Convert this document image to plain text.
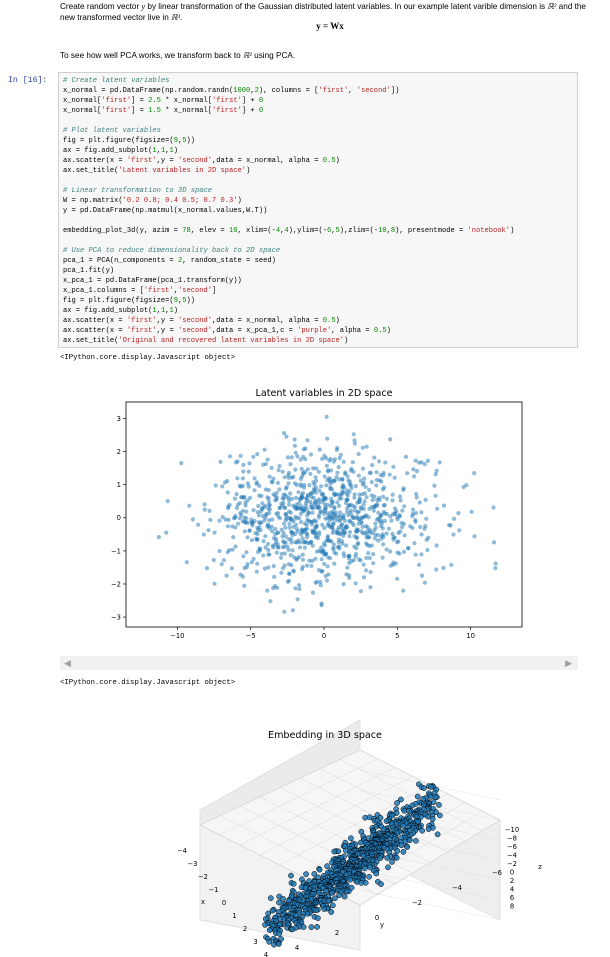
Create random vector y by linear transformation of the Gaussian distributed latent variables. In our example latent varible dimension is ℝ² and the new transformed vector live in ℝ³.
y = Wx
To see how well PCA works, we transform back to ℝ² using PCA.
In [16]: # Create latent variables
x_normal = pd.DataFrame(np.random.randn(1000,2), columns = ['first', 'second'])
x_normal['first'] = 2.5 * x_normal['first'] + 0
x_normal['first'] = 1.5 * x_normal['first'] + 0

# Plot latent variables
fig = plt.figure(figsize=(9,5))
ax = fig.add_subplot(1,1,1)
ax.scatter(x = 'first',y = 'second',data = x_normal, alpha = 0.5)
ax.set_title('Latent variables in 2D space')

# Linear transformation to 3D space
W = np.matrix('0.2 0.8; 0.4 0.5; 0.7 0.3')
y = pd.DataFrame(np.matmul(x_normal.values,W.T))

embedding_plot_3d(y, azim = 78, elev = 10, xlim=(-4,4),ylim=(-6,5),zlim=(-10,8), presentmode = 'notebook')

# Use PCA to reduce dimensionality back to 2D space
pca_1 = PCA(n_components = 2, random_state = seed)
pca_1.fit(y)
x_pca_1 = pd.DataFrame(pca_1.transform(y))
x_pca_1.columns = ['first','second']
fig = plt.figure(figsize=(9,5))
ax = fig.add_subplot(1,1,1)
ax.scatter(x = 'first',y = 'second',data = x_normal, alpha = 0.5)
ax.scatter(x = 'first',y = 'second',data = x_pca_1,c = 'purple', alpha = 0.5)
ax.set_title('Original and recovered latent variables in 2D space')
<IPython.core.display.Javascript object>
Latent variables in 2D space
−10	−5	0	5	10
−3
−2
−1
0
1
2
3
◀	▶
<IPython.core.display.Javascript object>
−4
−3
−2
−1
0
1
2
3
4
x
4
2
0
−2
−4
−6
y
−10
−8
−6
−4
−2
0
2
4
6
8
z
Embedding in 3D space
